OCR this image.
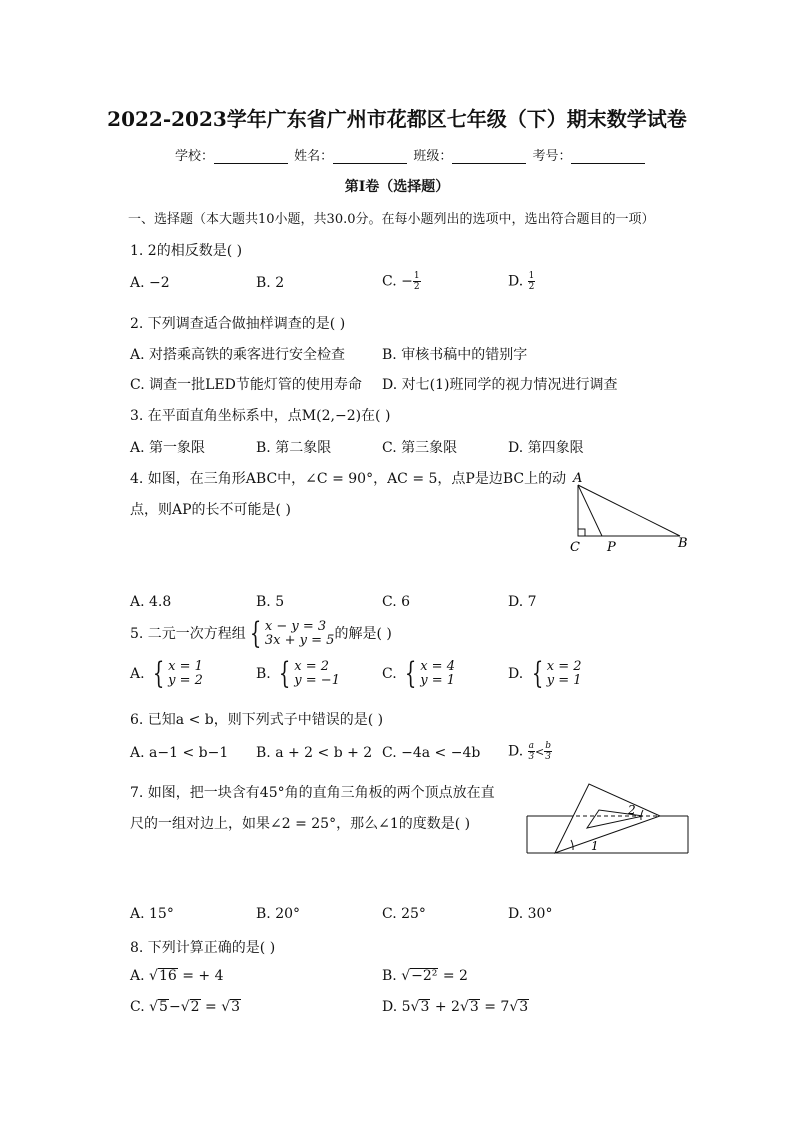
2022-2023学年广东省广州市花都区七年级（下）期末数学试卷
学校：	姓名：	班级：	考号：
第Ⅰ卷（选择题）
一、选择题（本大题共10小题，共30.0分。在每小题列出的选项中，选出符合题目的一项）
1. 2的相反数是( )
A. −2	B. 2	C. − $\frac{1}{2}$	D. $\frac{1}{2}$
2. 下列调查适合做抽样调查的是( )
A. 对搭乘高铁的乘客进行安全检查	B. 审核书稿中的错别字
C. 调查一批LED节能灯管的使用寿命 D. 对七(1)班同学的视力情况进行调查
3. 在平面直角坐标系中，点M(2,−2)在( )
A. 第一象限	B. 第二象限	C. 第三象限	D. 第四象限
4. 如图，在三角形ABC中，∠C = 90°，AC = 5，点P是边BC上的动
点，则AP的长不可能是( )
A
C P	B
A. 4.8	B. 5	C. 6	D. 7
5. 二元一次方程组 { x − y = 3
3x + y = 5 的解是( )
A. { x = 1
y = 2	B. { x = 2
y = −1	C. { x = 4
y = 1	D. { x = 2
y = 1
6. 已知a < b，则下列式子中错误的是( )
A. a−1 < b−1 B. a + 2 < b + 2 C. −4a < −4b D. $\frac{a}{3} < \frac{b}{3}$
7. 如图，把一块含有45°角的直角三角板的两个顶点放在直
尺的一组对边上，如果∠2 = 25°，那么∠1的度数是( )
1
2
A. 15°	B. 20°	C. 25°	D. 30°
8. 下列计算正确的是( )
A. √16 = + 4	B. √−2² = 2
C. √5−√2 = √3	D. 5√3 + 2√3 = 7√3
